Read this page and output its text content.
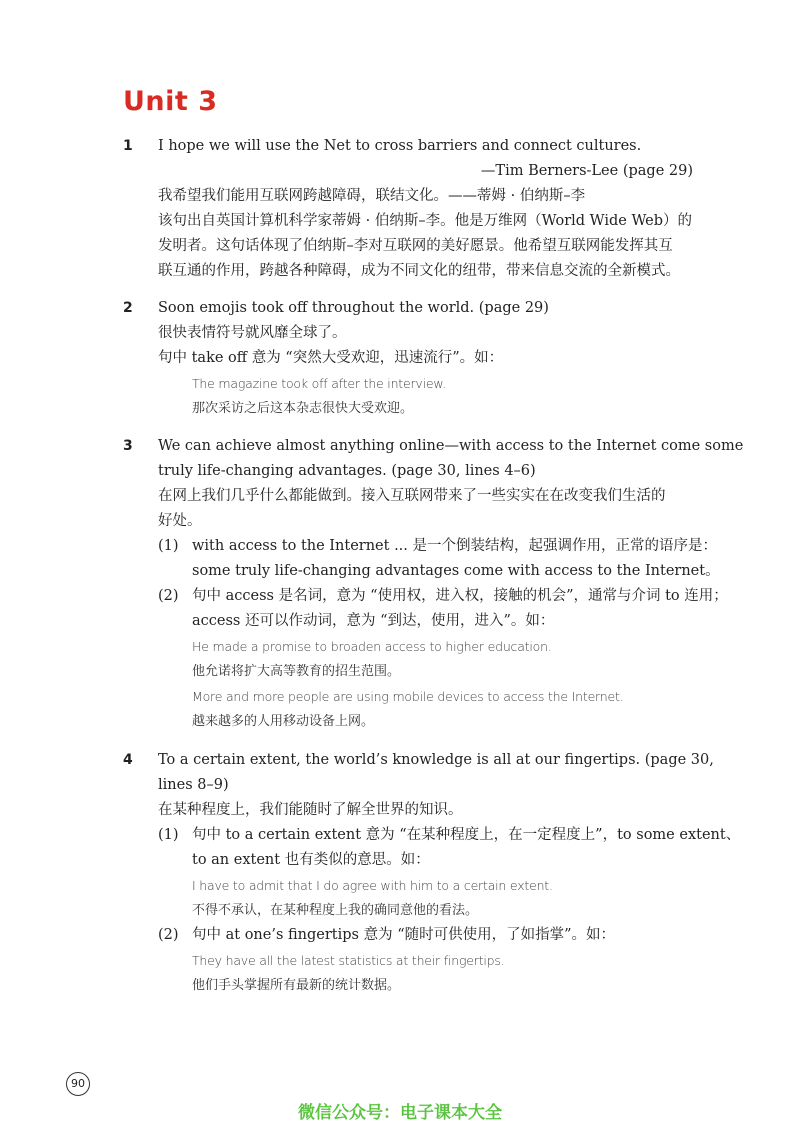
Unit 3
1	I hope we will use the Net to cross barriers and connect cultures.
—Tim Berners-Lee (page 29)
我希望我们能用互联网跨越障碍，联结文化。——蒂姆 · 伯纳斯–李
该句出自英国计算机科学家蒂姆 · 伯纳斯–李。他是万维网（World Wide Web）的
发明者。这句话体现了伯纳斯–李对互联网的美好愿景。他希望互联网能发挥其互
联互通的作用，跨越各种障碍，成为不同文化的纽带，带来信息交流的全新模式。
2	Soon emojis took off throughout the world. (page 29)
很快表情符号就风靡全球了。
句中 take off 意为 “突然大受欢迎，迅速流行”。如：
The magazine took off after the interview.
那次采访之后这本杂志很快大受欢迎。
3	We can achieve almost anything online—with access to the Internet come some
truly life-changing advantages. (page 30, lines 4–6)
在网上我们几乎什么都能做到。接入互联网带来了一些实实在在改变我们生活的
好处。
(1) with access to the Internet ... 是一个倒装结构，起强调作用，正常的语序是：
some truly life-changing advantages come with access to the Internet。
(2) 句中 access 是名词，意为 “使用权，进入权，接触的机会”，通常与介词 to 连用；
access 还可以作动词，意为 “到达，使用，进入”。如：
He made a promise to broaden access to higher education.
他允诺将扩大高等教育的招生范围。
More and more people are using mobile devices to access the Internet.
越来越多的人用移动设备上网。
4	To a certain extent, the world’s knowledge is all at our fingertips. (page 30,
lines 8–9)
在某种程度上，我们能随时了解全世界的知识。
(1) 句中 to a certain extent 意为 “在某种程度上，在一定程度上”，to some extent、
to an extent 也有类似的意思。如：
I have to admit that I do agree with him to a certain extent.
不得不承认，在某种程度上我的确同意他的看法。
(2) 句中 at one’s fingertips 意为 “随时可供使用，了如指掌”。如：
They have all the latest statistics at their fingertips.
他们手头掌握所有最新的统计数据。
90
微信公众号：电子课本大全
